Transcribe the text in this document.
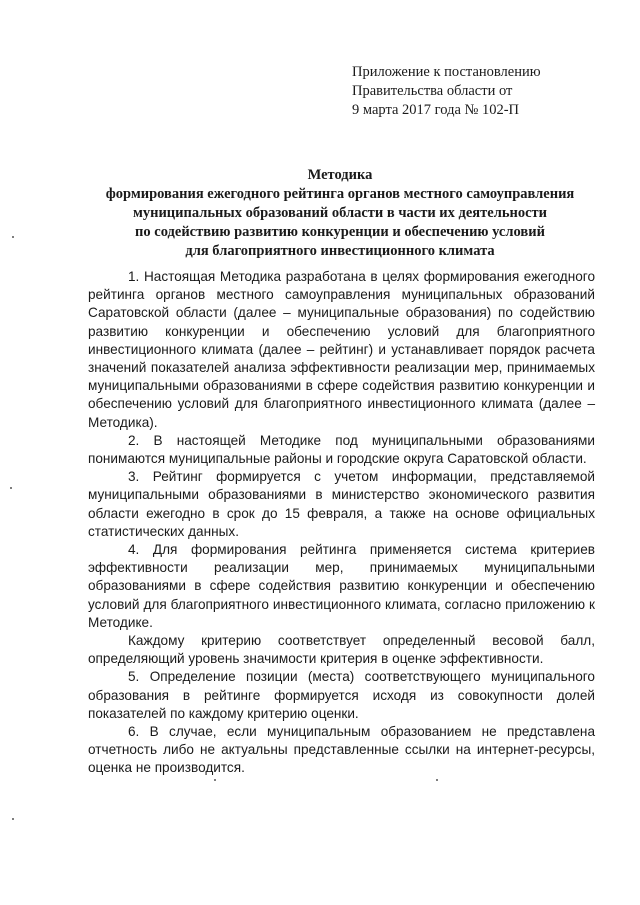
Приложение к постановлению
Правительства области от
9 марта 2017 года № 102-П
Методика
формирования ежегодного рейтинга органов местного самоуправления
муниципальных образований области в части их деятельности
по содействию развитию конкуренции и обеспечению условий
для благоприятного инвестиционного климата

1. Настоящая Методика разработана в целях формирования ежегодного рейтинга органов местного самоуправления муниципальных образований Саратовской области (далее – муниципальные образования) по содействию развитию конкуренции и обеспечению условий для благоприятного инвестиционного климата (далее – рейтинг) и устанавливает порядок расчета значений показателей анализа эффективности реализации мер, принимаемых муниципальными образованиями в сфере содействия развитию конкуренции и обеспечению условий для благоприятного инвестиционного климата (далее – Методика).

2. В настоящей Методике под муниципальными образованиями понимаются муниципальные районы и городские округа Саратовской области.

3. Рейтинг формируется с учетом информации, представляемой муниципальными образованиями в министерство экономического развития области ежегодно в срок до 15 февраля, а также на основе официальных статистических данных.

4. Для формирования рейтинга применяется система критериев эффективности реализации мер, принимаемых муниципальными образованиями в сфере содействия развитию конкуренции и обеспечению условий для благоприятного инвестиционного климата, согласно приложению к Методике.

Каждому критерию соответствует определенный весовой балл, определяющий уровень значимости критерия в оценке эффективности.

5. Определение позиции (места) соответствующего муниципального образования в рейтинге формируется исходя из совокупности долей показателей по каждому критерию оценки.

6. В случае, если муниципальным образованием не представлена отчетность либо не актуальны представленные ссылки на интернет-ресурсы, оценка не производится.
